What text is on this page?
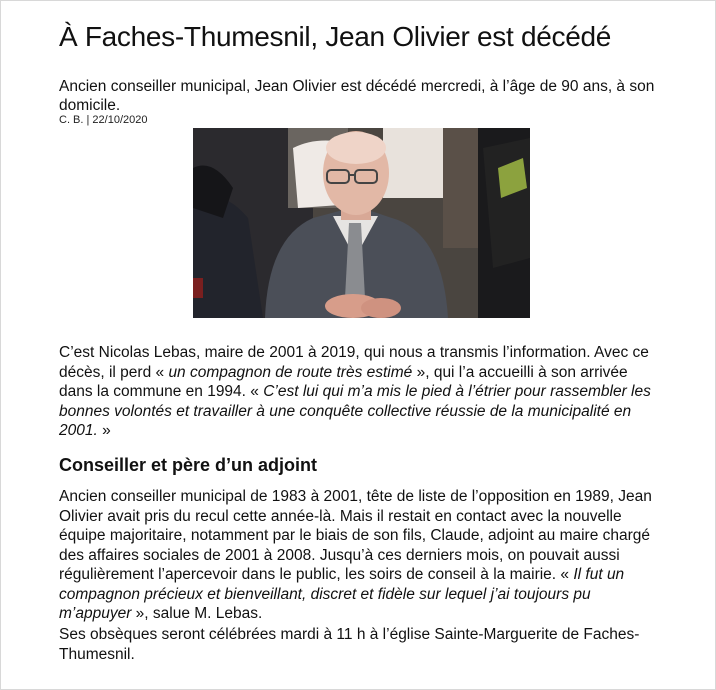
À Faches-Thumesnil, Jean Olivier est décédé

Ancien conseiller municipal, Jean Olivier est décédé mercredi, à l’âge de 90 ans, à son domicile.

C. B. | 22/10/2020

C’est Nicolas Lebas, maire de 2001 à 2019, qui nous a transmis l’information. Avec ce décès, il perd « un compagnon de route très estimé », qui l’a accueilli à son arrivée dans la commune en 1994. « C’est lui qui m’a mis le pied à l’étrier pour rassembler les bonnes volontés et travailler à une conquête collective réussie de la municipalité en 2001. »

Conseiller et père d’un adjoint

Ancien conseiller municipal de 1983 à 2001, tête de liste de l’opposition en 1989, Jean Olivier avait pris du recul cette année-là. Mais il restait en contact avec la nouvelle équipe majoritaire, notamment par le biais de son fils, Claude, adjoint au maire chargé des affaires sociales de 2001 à 2008. Jusqu’à ces derniers mois, on pouvait aussi régulièrement l’apercevoir dans le public, les soirs de conseil à la mairie. « Il fut un compagnon précieux et bienveillant, discret et fidèle sur lequel j’ai toujours pu m’appuyer », salue M. Lebas.

Ses obsèques seront célébrées mardi à 11 h à l’église Sainte-Marguerite de Faches-Thumesnil.
